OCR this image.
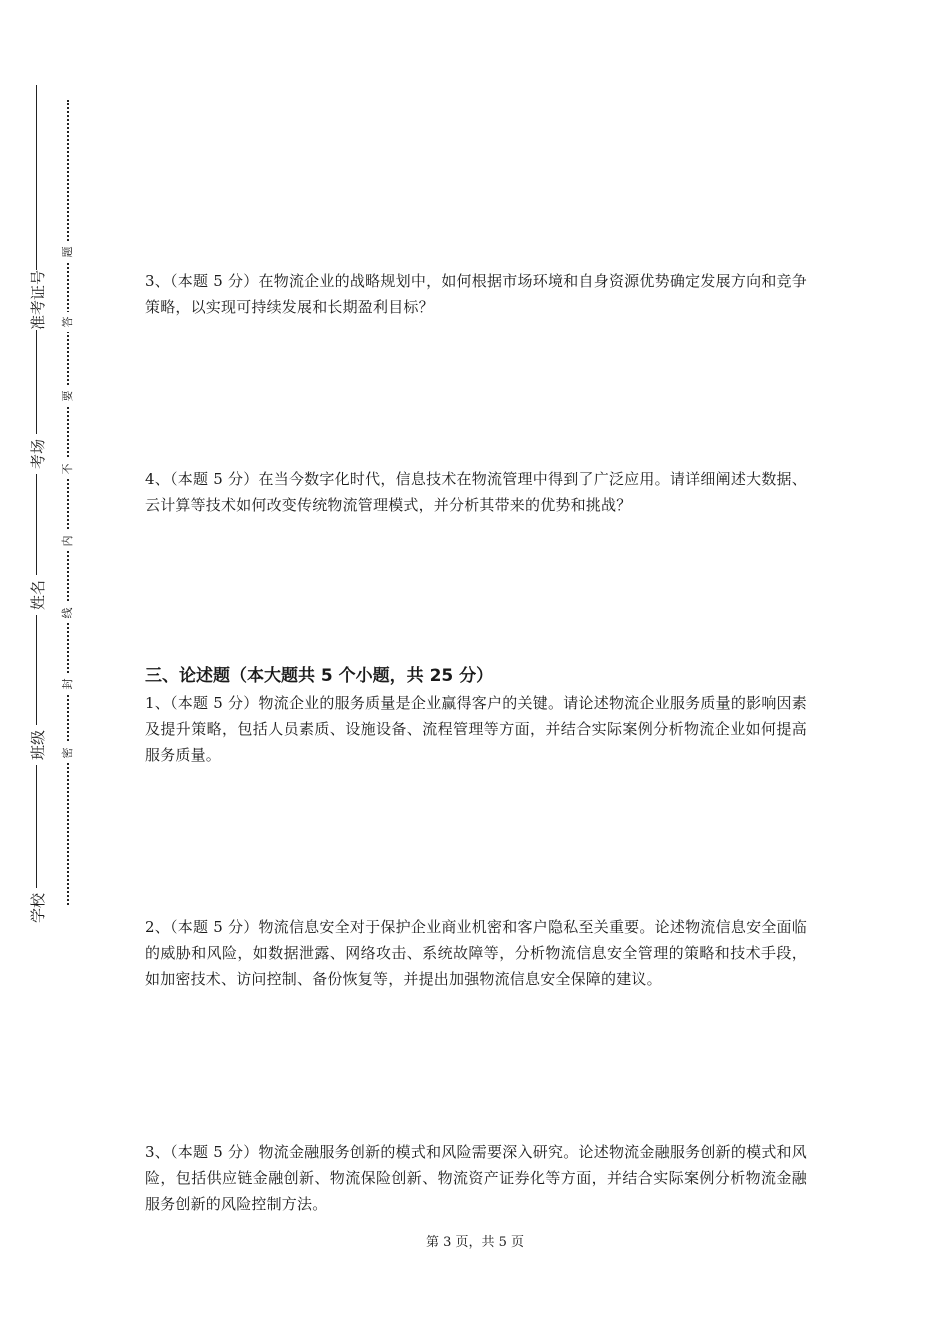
准考证号
考场
姓名
班级
学校
题
答
要
不
内
线
封
密
3、（本题 5 分）在物流企业的战略规划中，如何根据市场环境和自身资源优势确定发展方向和竞争策略，以实现可持续发展和长期盈利目标？
4、（本题 5 分）在当今数字化时代，信息技术在物流管理中得到了广泛应用。请详细阐述大数据、云计算等技术如何改变传统物流管理模式，并分析其带来的优势和挑战？
三、论述题（本大题共 5 个小题，共 25 分）
1、（本题 5 分）物流企业的服务质量是企业赢得客户的关键。请论述物流企业服务质量的影响因素及提升策略，包括人员素质、设施设备、流程管理等方面，并结合实际案例分析物流企业如何提高服务质量。
2、（本题 5 分）物流信息安全对于保护企业商业机密和客户隐私至关重要。论述物流信息安全面临的威胁和风险，如数据泄露、网络攻击、系统故障等，分析物流信息安全管理的策略和技术手段，如加密技术、访问控制、备份恢复等，并提出加强物流信息安全保障的建议。
3、（本题 5 分）物流金融服务创新的模式和风险需要深入研究。论述物流金融服务创新的模式和风险，包括供应链金融创新、物流保险创新、物流资产证券化等方面，并结合实际案例分析物流金融服务创新的风险控制方法。
第 3 页，共 5 页
